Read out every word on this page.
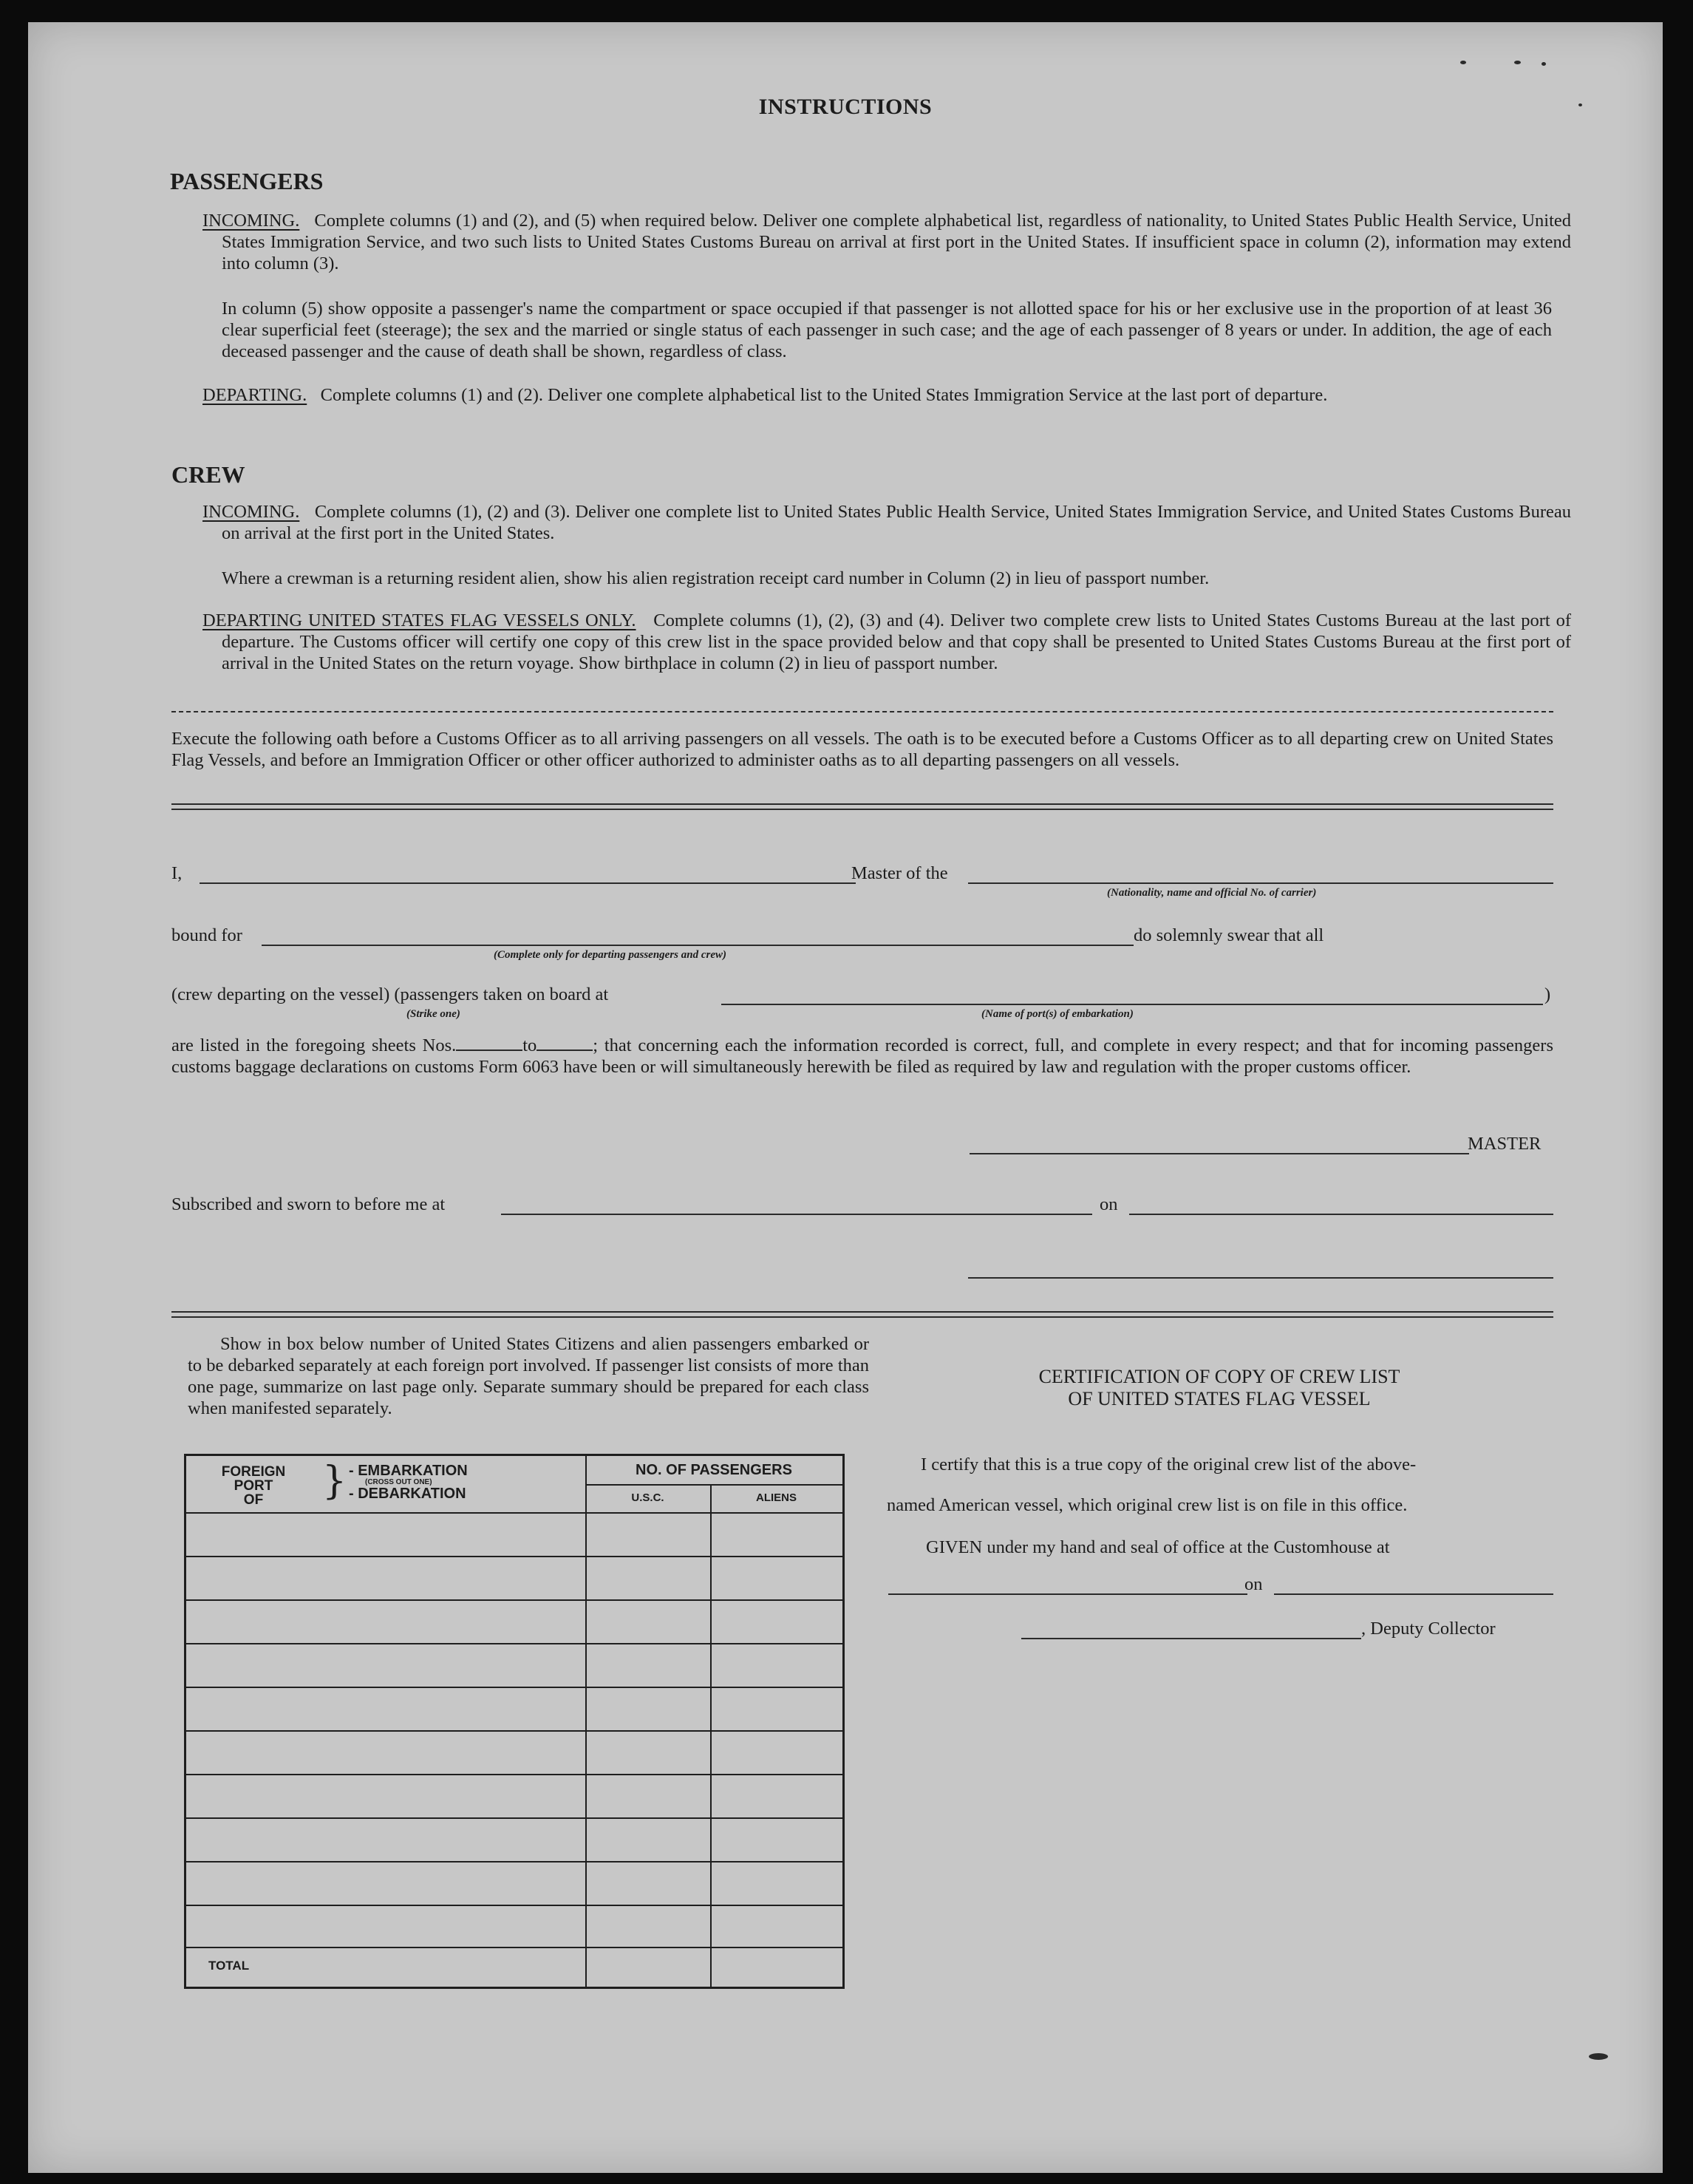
INSTRUCTIONS
PASSENGERS
INCOMING. Complete columns (1) and (2), and (5) when required below. Deliver one complete alphabetical list, regardless of nationality, to United States Public Health Service, United States Immigration Service, and two such lists to United States Customs Bureau on arrival at first port in the United States. If insufficient space in column (2), information may extend into column (3).
In column (5) show opposite a passenger's name the compartment or space occupied if that passenger is not allotted space for his or her exclusive use in the proportion of at least 36 clear superficial feet (steerage); the sex and the married or single status of each passenger in such case; and the age of each passenger of 8 years or under. In addition, the age of each deceased passenger and the cause of death shall be shown, regardless of class.
DEPARTING. Complete columns (1) and (2). Deliver one complete alphabetical list to the United States Immigration Service at the last port of departure.
CREW
INCOMING. Complete columns (1), (2) and (3). Deliver one complete list to United States Public Health Service, United States Immigration Service, and United States Customs Bureau on arrival at the first port in the United States.
Where a crewman is a returning resident alien, show his alien registration receipt card number in Column (2) in lieu of passport number.
DEPARTING UNITED STATES FLAG VESSELS ONLY. Complete columns (1), (2), (3) and (4). Deliver two complete crew lists to United States Customs Bureau at the last port of departure. The Customs officer will certify one copy of this crew list in the space provided below and that copy shall be presented to United States Customs Bureau at the first port of arrival in the United States on the return voyage. Show birthplace in column (2) in lieu of passport number.
Execute the following oath before a Customs Officer as to all arriving passengers on all vessels. The oath is to be executed before a Customs Officer as to all departing crew on United States Flag Vessels, and before an Immigration Officer or other officer authorized to administer oaths as to all departing passengers on all vessels.
I,	Master of the
(Nationality, name and official No. of carrier)
bound for
(Complete only for departing passengers and crew)
do solemnly swear that all
(crew departing on the vessel) (passengers taken on board at	)
(Strike one)	(Name of port(s) of embarkation)
are listed in the foregoing sheets Nos.	to	; that concerning each the information recorded is correct, full, and complete in every respect; and that for incoming passengers customs baggage declarations on customs Form 6063 have been or will simultaneously herewith be filed as required by law and regulation with the proper customs officer.
MASTER
Subscribed and sworn to before me at	on
Show in box below number of United States Citizens and alien passengers embarked or to be debarked separately at each foreign port involved. If passenger list consists of more than one page, summarize on last page only. Separate summary should be prepared for each class when manifested separately.
FOREIGN
PORT
OF	} - EMBARKATION
(CROSS OUT ONE)
- DEBARKATION
NO. OF PASSENGERS
U.S.C.	ALIENS
TOTAL
CERTIFICATION OF COPY OF CREW LIST
OF UNITED STATES FLAG VESSEL
I certify that this is a true copy of the original crew list of the above-
named American vessel, which original crew list is on file in this office.
GIVEN under my hand and seal of office at the Customhouse at
on
, Deputy Collector
